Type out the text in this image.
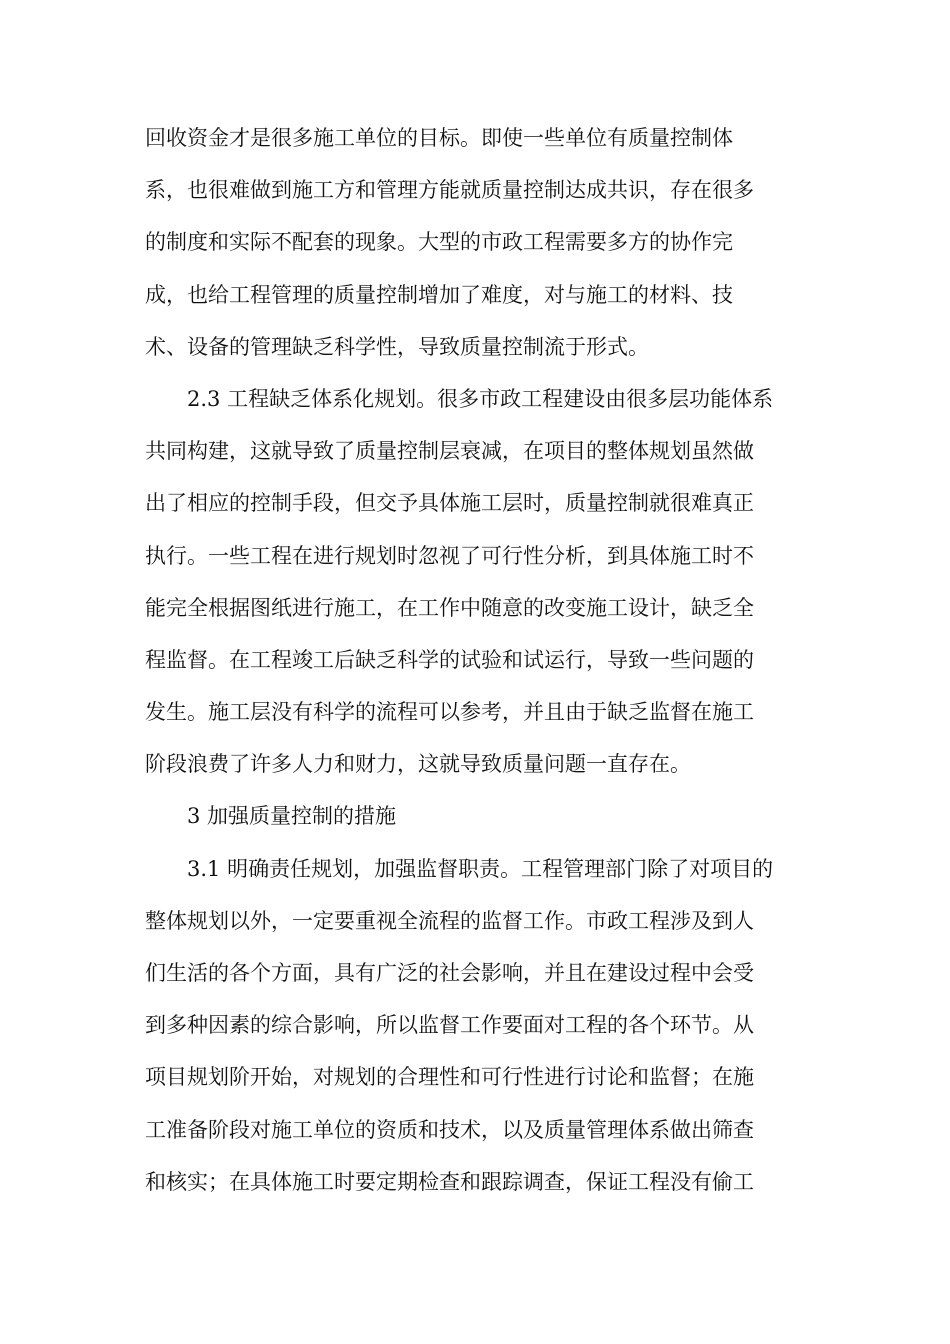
回收资金才是很多施工单位的目标。即使一些单位有质量控制体
系，也很难做到施工方和管理方能就质量控制达成共识，存在很多
的制度和实际不配套的现象。大型的市政工程需要多方的协作完
成，也给工程管理的质量控制增加了难度，对与施工的材料、技
术、设备的管理缺乏科学性，导致质量控制流于形式。
2.3 工程缺乏体系化规划。很多市政工程建设由很多层功能体系
共同构建，这就导致了质量控制层衰减，在项目的整体规划虽然做
出了相应的控制手段，但交予具体施工层时，质量控制就很难真正
执行。一些工程在进行规划时忽视了可行性分析，到具体施工时不
能完全根据图纸进行施工，在工作中随意的改变施工设计，缺乏全
程监督。在工程竣工后缺乏科学的试验和试运行，导致一些问题的
发生。施工层没有科学的流程可以参考，并且由于缺乏监督在施工
阶段浪费了许多人力和财力，这就导致质量问题一直存在。
3 加强质量控制的措施
3.1 明确责任规划，加强监督职责。工程管理部门除了对项目的
整体规划以外，一定要重视全流程的监督工作。市政工程涉及到人
们生活的各个方面，具有广泛的社会影响，并且在建设过程中会受
到多种因素的综合影响，所以监督工作要面对工程的各个环节。从
项目规划阶开始，对规划的合理性和可行性进行讨论和监督；在施
工准备阶段对施工单位的资质和技术，以及质量管理体系做出筛查
和核实；在具体施工时要定期检查和跟踪调查，保证工程没有偷工
